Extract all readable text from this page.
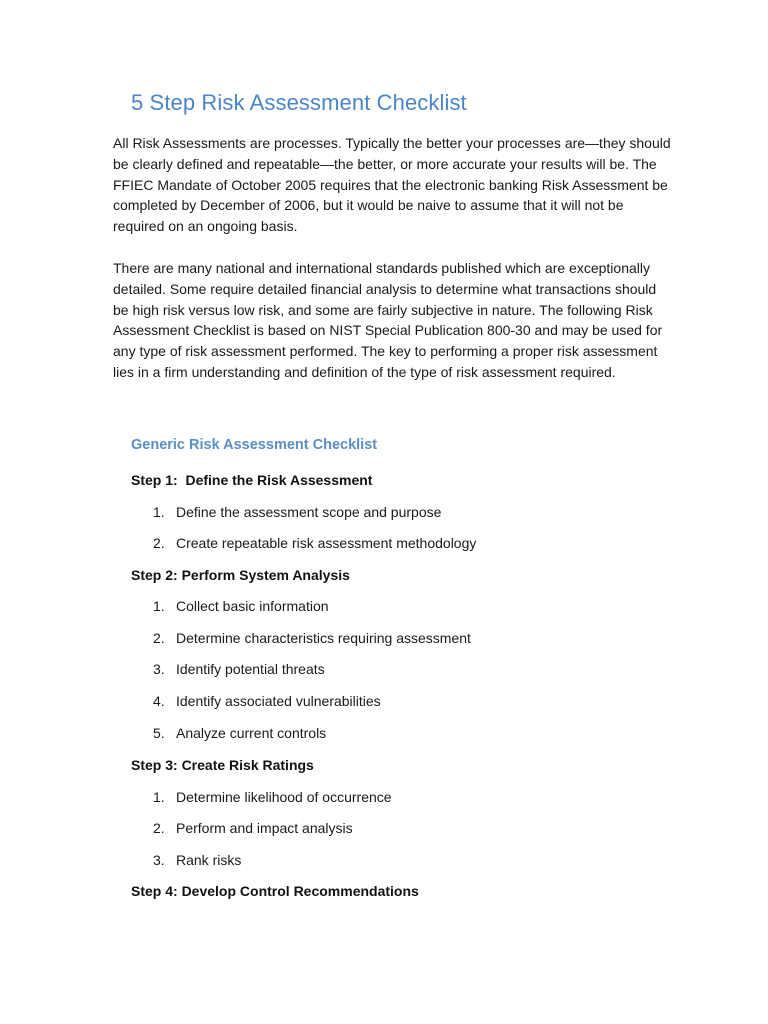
5 Step Risk Assessment Checklist

All Risk Assessments are processes. Typically the better your processes are—they should be clearly defined and repeatable—the better, or more accurate your results will be. The FFIEC Mandate of October 2005 requires that the electronic banking Risk Assessment be completed by December of 2006, but it would be naive to assume that it will not be required on an ongoing basis.

There are many national and international standards published which are exceptionally detailed. Some require detailed financial analysis to determine what transactions should be high risk versus low risk, and some are fairly subjective in nature. The following Risk Assessment Checklist is based on NIST Special Publication 800-30 and may be used for any type of risk assessment performed. The key to performing a proper risk assessment lies in a firm understanding and definition of the type of risk assessment required.

Generic Risk Assessment Checklist
Step 1:  Define the Risk Assessment
1. Define the assessment scope and purpose
2. Create repeatable risk assessment methodology
Step 2: Perform System Analysis
1. Collect basic information
2. Determine characteristics requiring assessment
3. Identify potential threats
4. Identify associated vulnerabilities
5. Analyze current controls
Step 3: Create Risk Ratings
1. Determine likelihood of occurrence
2. Perform and impact analysis
3. Rank risks
Step 4: Develop Control Recommendations
